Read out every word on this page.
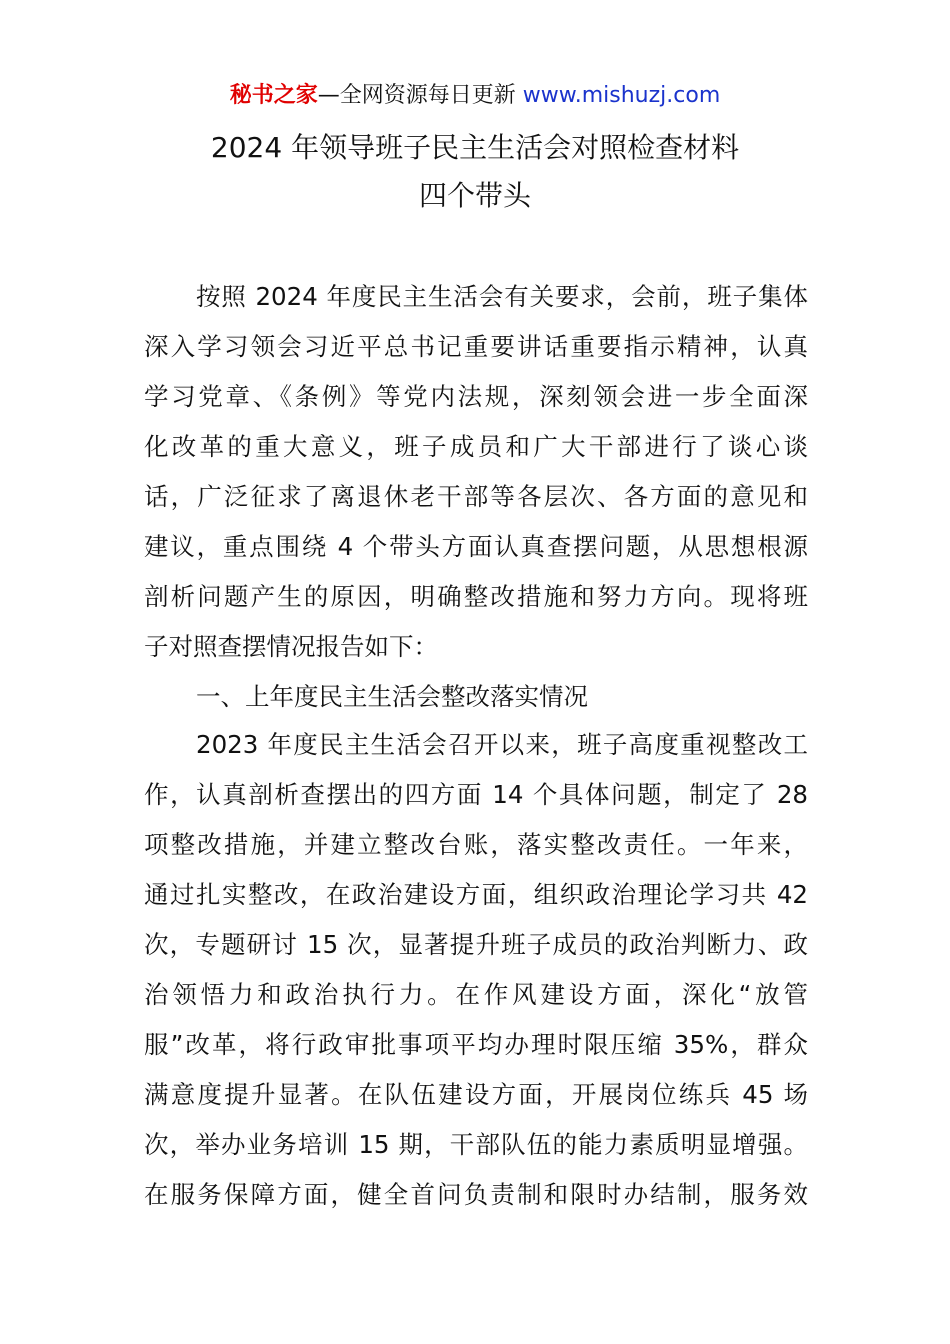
秘书之家—全网资源每日更新 www.mishuzj.com
2024 年领导班子民主生活会对照检查材料
四个带头
按照 2024 年度民主生活会有关要求，会前，班子集体
深入学习领会习近平总书记重要讲话重要指示精神，认真
学习党章、《条例》等党内法规，深刻领会进一步全面深
化改革的重大意义，班子成员和广大干部进行了谈心谈
话，广泛征求了离退休老干部等各层次、各方面的意见和
建议，重点围绕 4 个带头方面认真查摆问题，从思想根源
剖析问题产生的原因，明确整改措施和努力方向。现将班
子对照查摆情况报告如下：
一、上年度民主生活会整改落实情况
2023 年度民主生活会召开以来，班子高度重视整改工
作，认真剖析查摆出的四方面 14 个具体问题，制定了 28
项整改措施，并建立整改台账，落实整改责任。一年来，
通过扎实整改，在政治建设方面，组织政治理论学习共 42
次，专题研讨 15 次，显著提升班子成员的政治判断力、政
治领悟力和政治执行力。在作风建设方面，深化“放管
服”改革，将行政审批事项平均办理时限压缩 35%，群众
满意度提升显著。在队伍建设方面，开展岗位练兵 45 场
次，举办业务培训 15 期，干部队伍的能力素质明显增强。
在服务保障方面，健全首问负责制和限时办结制，服务效
